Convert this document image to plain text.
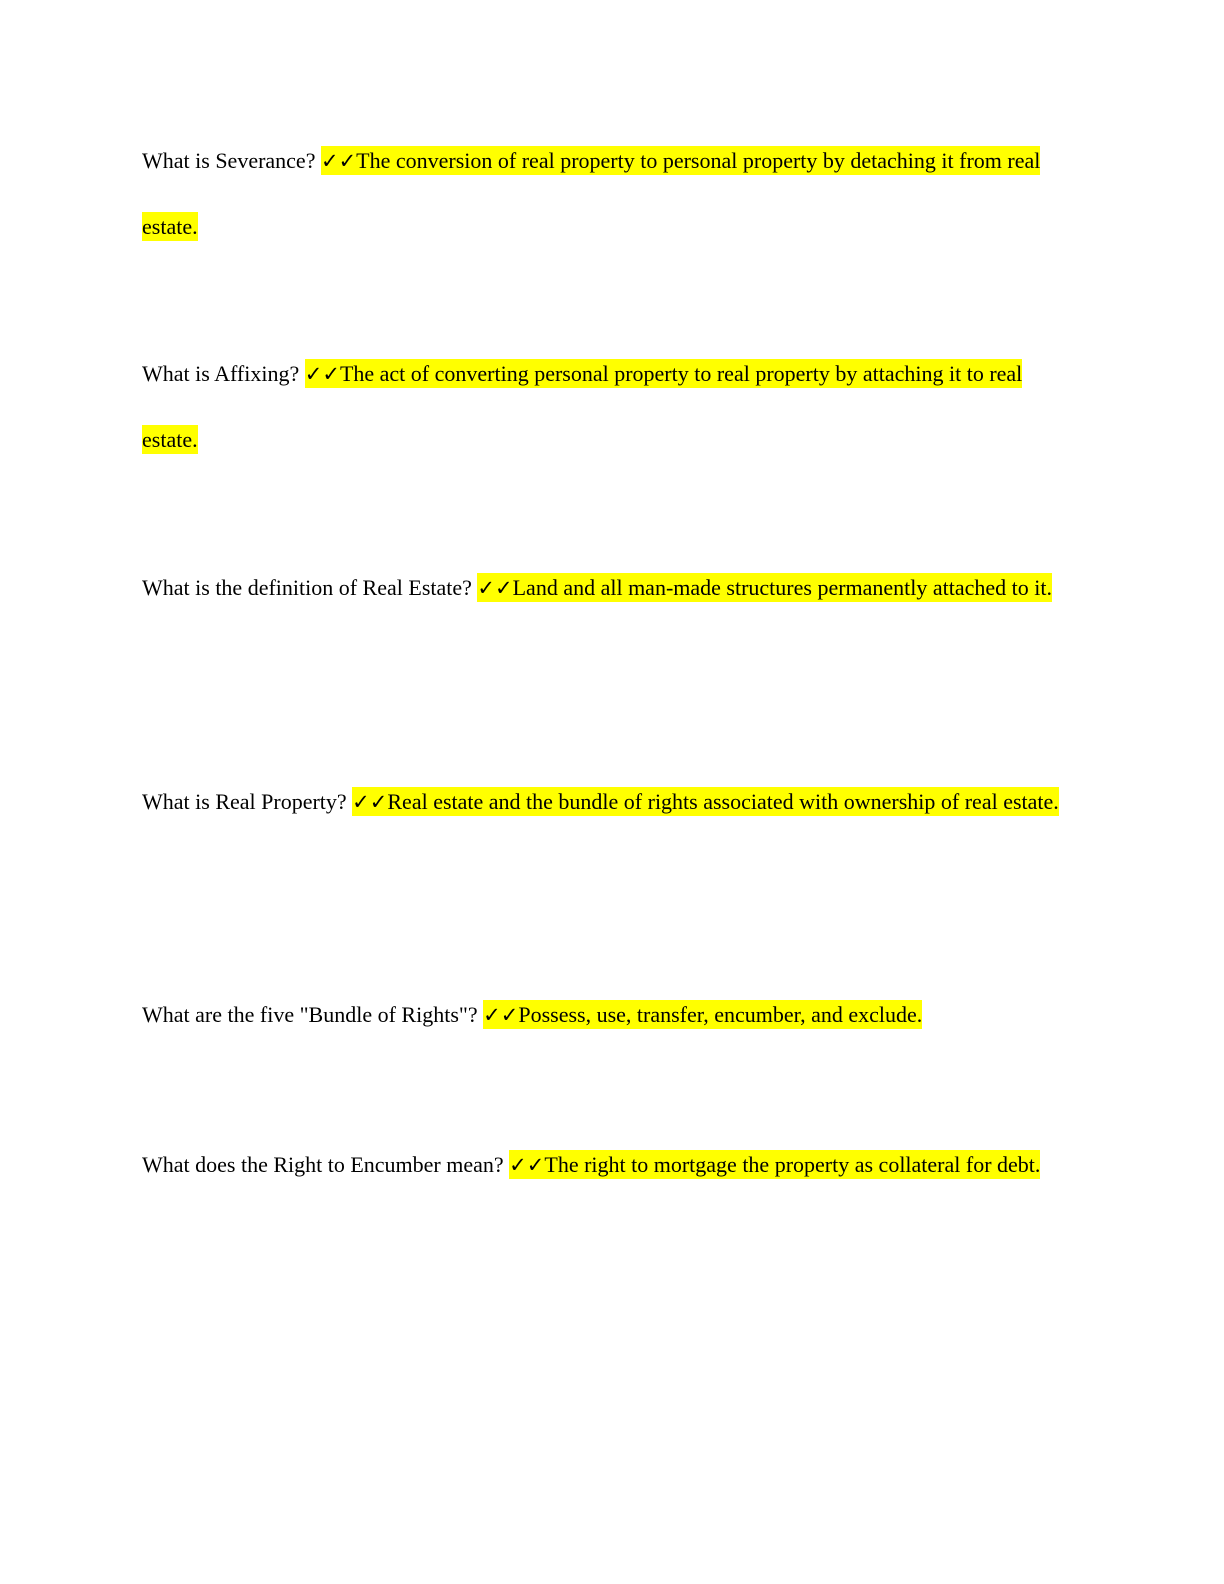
What is Severance? ✓✓The conversion of real property to personal property by detaching it from real estate.

What is Affixing? ✓✓The act of converting personal property to real property by attaching it to real estate.

What is the definition of Real Estate? ✓✓Land and all man-made structures permanently attached to it.

What is Real Property? ✓✓Real estate and the bundle of rights associated with ownership of real estate.

What are the five "Bundle of Rights"? ✓✓Possess, use, transfer, encumber, and exclude.

What does the Right to Encumber mean? ✓✓The right to mortgage the property as collateral for debt.
